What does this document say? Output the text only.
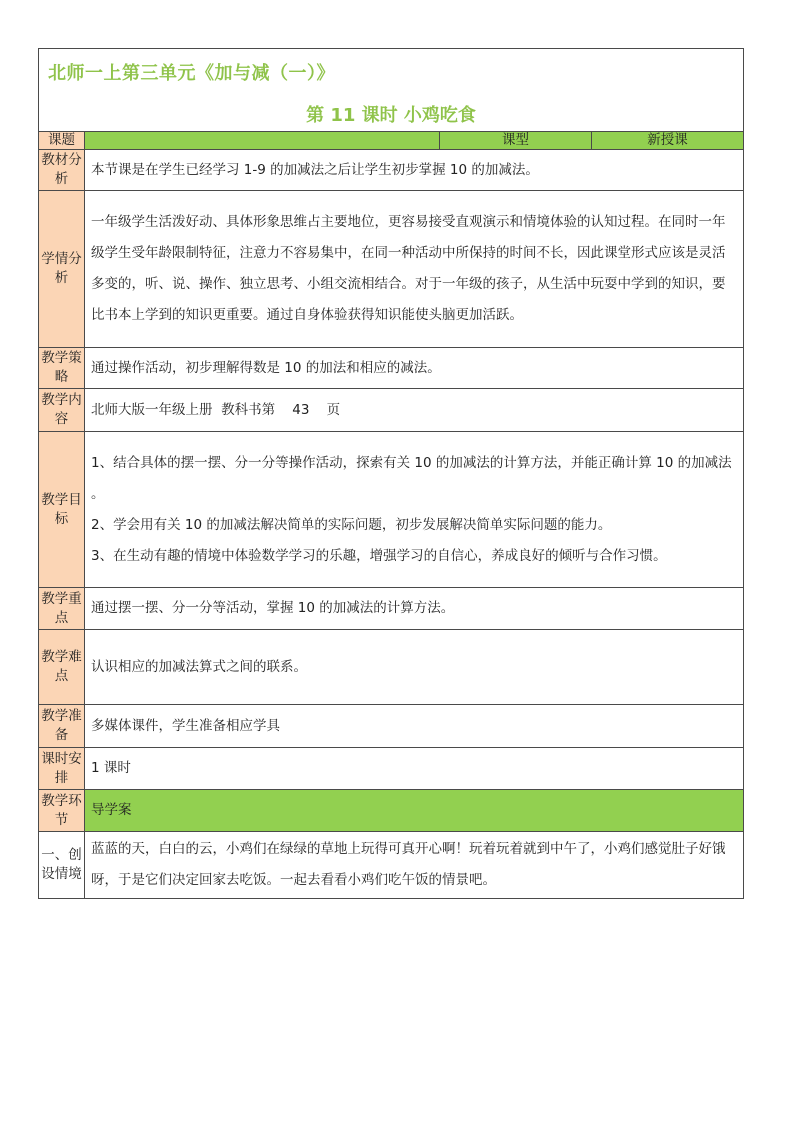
北师一上第三单元《加与减（一）》
第 11 课时 小鸡吃食			

课题		课型	新授课
教材分析	本节课是在学生已经学习 1-9 的加减法之后让学生初步掌握 10 的加减法。		

学情分析	一年级学生活泼好动、具体形象思维占主要地位，更容易接受直观演示和情境体验的认知过程。在同时一年级学生受年龄限制特征，注意力不容易集中，在同一种活动中所保持的时间不长，因此课堂形式应该是灵活多变的，听、说、操作、独立思考、小组交流相结合。对于一年级的孩子，从生活中玩耍中学到的知识，要比书本上学到的知识更重要。通过自身体验获得知识能使头脑更加活跃。		

教学策略	通过操作活动，初步理解得数是 10 的加法和相应的减法。		

教学内容	北师大版一年级上册  教科书第    43    页		

教学目标	1、结合具体的摆一摆、分一分等操作活动，探索有关 10 的加减法的计算方法，并能正确计算 10 的加减法 。

2、学会用有关 10 的加减法解决简单的实际问题，初步发展解决简单实际问题的能力。

3、在生动有趣的情境中体验数学学习的乐趣，增强学习的自信心，养成良好的倾听与合作习惯。		

教学重点	通过摆一摆、分一分等活动，掌握 10 的加减法的计算方法。		

教学难点	认识相应的加减法算式之间的联系。		

教学准备	多媒体课件，学生准备相应学具		

课时安排	1 课时		

教学环节	导学案		

一、创设情境	蓝蓝的天，白白的云，小鸡们在绿绿的草地上玩得可真开心啊！玩着玩着就到中午了，小鸡们感觉肚子好饿呀，于是它们决定回家去吃饭。一起去看看小鸡们吃午饭的情景吧。		
